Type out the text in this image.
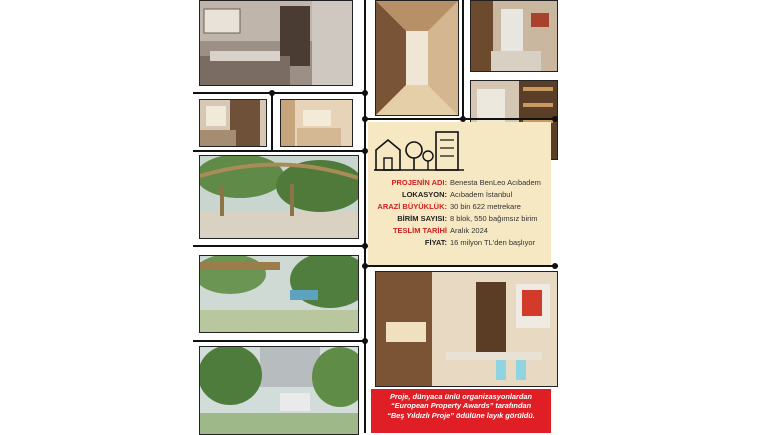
PROJENİN ADI: Benesta BenLeo Acıbadem
LOKASYON: Acıbadem İstanbul
ARAZİ BÜYÜKLÜK: 30 bin 622 metrekare
BİRİM SAYISI: 8 blok, 550 bağımsız birim
TESLİM TARİHİ Aralık 2024
FİYAT: 16 milyon TL'den başlıyor
Proje, dünyaca ünlü organizasyonlardan
“European Property Awards” tarafından
“Beş Yıldızlı Proje” ödülüne layık görüldü.
